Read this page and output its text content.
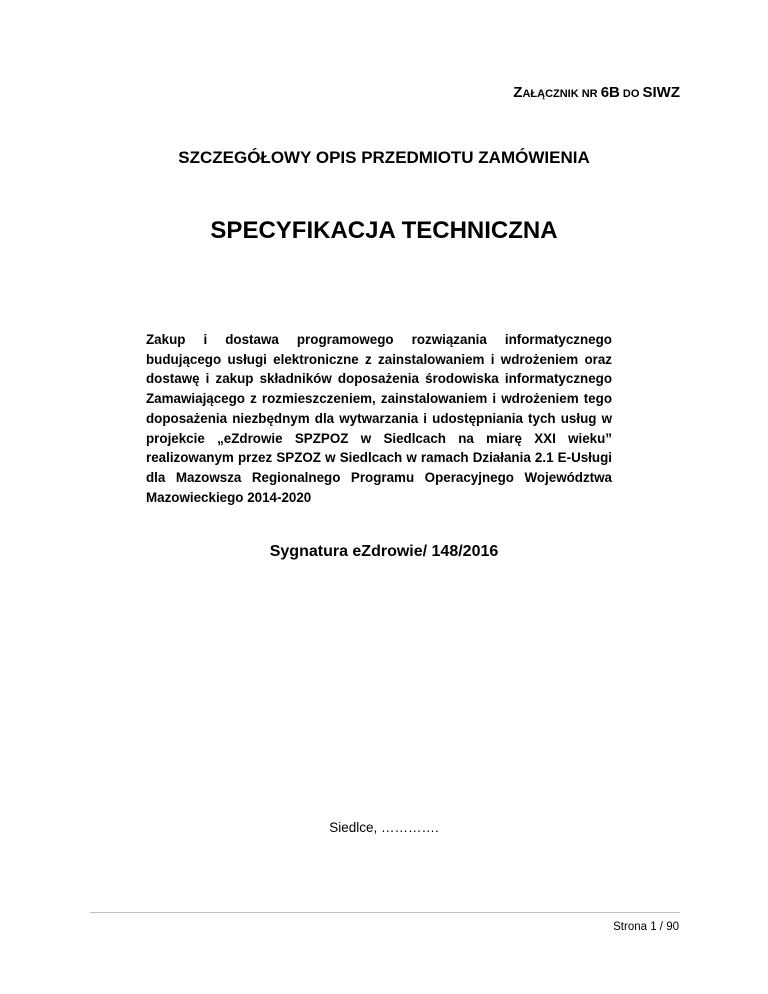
ZAŁĄCZNIK NR 6B DO SIWZ
SZCZEGÓŁOWY OPIS PRZEDMIOTU ZAMÓWIENIA
SPECYFIKACJA TECHNICZNA
Zakup i dostawa programowego rozwiązania informatycznego budującego usługi elektroniczne z zainstalowaniem i wdrożeniem oraz dostawę i zakup składników doposażenia środowiska informatycznego Zamawiającego z rozmieszczeniem, zainstalowaniem i wdrożeniem tego doposażenia niezbędnym dla wytwarzania i udostępniania tych usług w projekcie „eZdrowie SPZPOZ w Siedlcach na miarę XXI wieku” realizowanym przez SPZOZ w Siedlcach w ramach Działania 2.1 E-Usługi dla Mazowsza Regionalnego Programu Operacyjnego Województwa Mazowieckiego 2014-2020
Sygnatura eZdrowie/ 148/2016
Siedlce, ………….
Strona 1 / 90
